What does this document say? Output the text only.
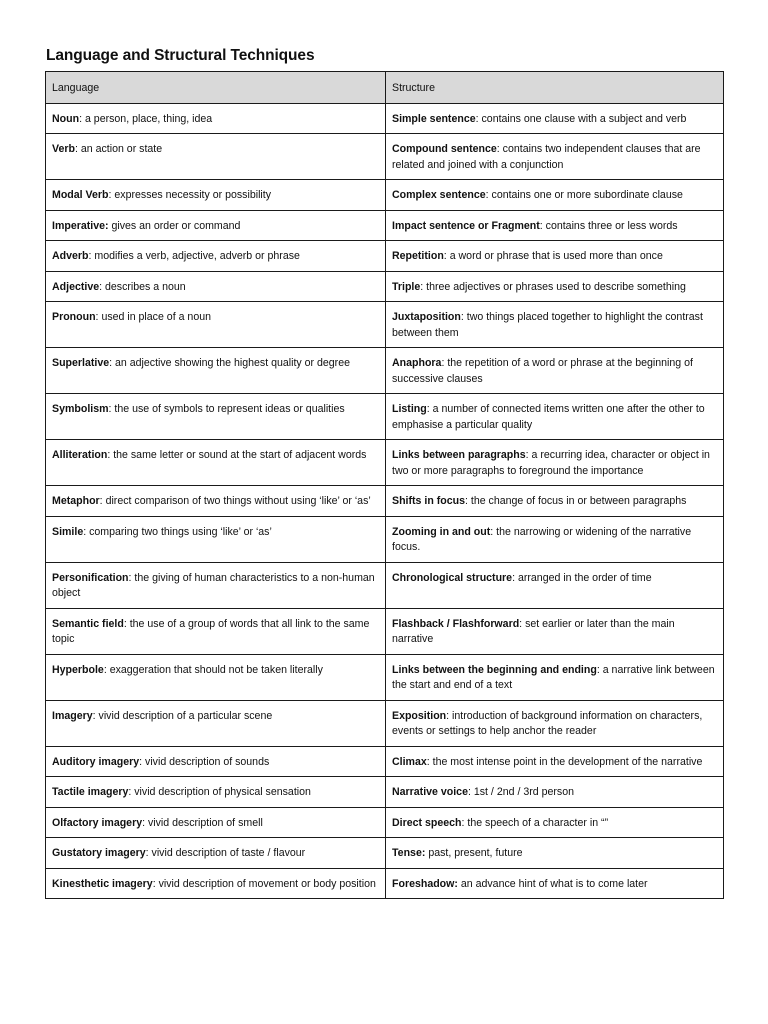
Language and Structural Techniques
Language	Structure
Noun: a person, place, thing, idea	Simple sentence: contains one clause with a subject and verb
Verb: an action or state	Compound sentence: contains two independent clauses that are related and joined with a conjunction
Modal Verb: expresses necessity or possibility	Complex sentence: contains one or more subordinate clause
Imperative: gives an order or command	Impact sentence or Fragment: contains three or less words
Adverb: modifies a verb, adjective, adverb or phrase	Repetition: a word or phrase that is used more than once
Adjective: describes a noun	Triple: three adjectives or phrases used to describe something
Pronoun: used in place of a noun	Juxtaposition: two things placed together to highlight the contrast between them
Superlative: an adjective showing the highest quality or degree	Anaphora: the repetition of a word or phrase at the beginning of successive clauses
Symbolism: the use of symbols to represent ideas or qualities	Listing: a number of connected items written one after the other to emphasise a particular quality
Alliteration: the same letter or sound at the start of adjacent words	Links between paragraphs: a recurring idea, character or object in two or more paragraphs to foreground the importance
Metaphor: direct comparison of two things without using ‘like’ or ‘as’	Shifts in focus: the change of focus in or between paragraphs
Simile: comparing two things using ‘like’ or ‘as’	Zooming in and out: the narrowing or widening of the narrative focus.
Personification: the giving of human characteristics to a non-human object	Chronological structure: arranged in the order of time
Semantic field: the use of a group of words that all link to the same topic	Flashback / Flashforward: set earlier or later than the main narrative
Hyperbole: exaggeration that should not be taken literally	Links between the beginning and ending: a narrative link between the start and end of a text
Imagery: vivid description of a particular scene	Exposition: introduction of background information on characters, events or settings to help anchor the reader
Auditory imagery: vivid description of sounds	Climax: the most intense point in the development of the narrative
Tactile imagery: vivid description of physical sensation	Narrative voice: 1st / 2nd / 3rd person
Olfactory imagery: vivid description of smell	Direct speech: the speech of a character in “”
Gustatory imagery: vivid description of taste / flavour	Tense: past, present, future
Kinesthetic imagery: vivid description of movement or body position	Foreshadow: an advance hint of what is to come later
